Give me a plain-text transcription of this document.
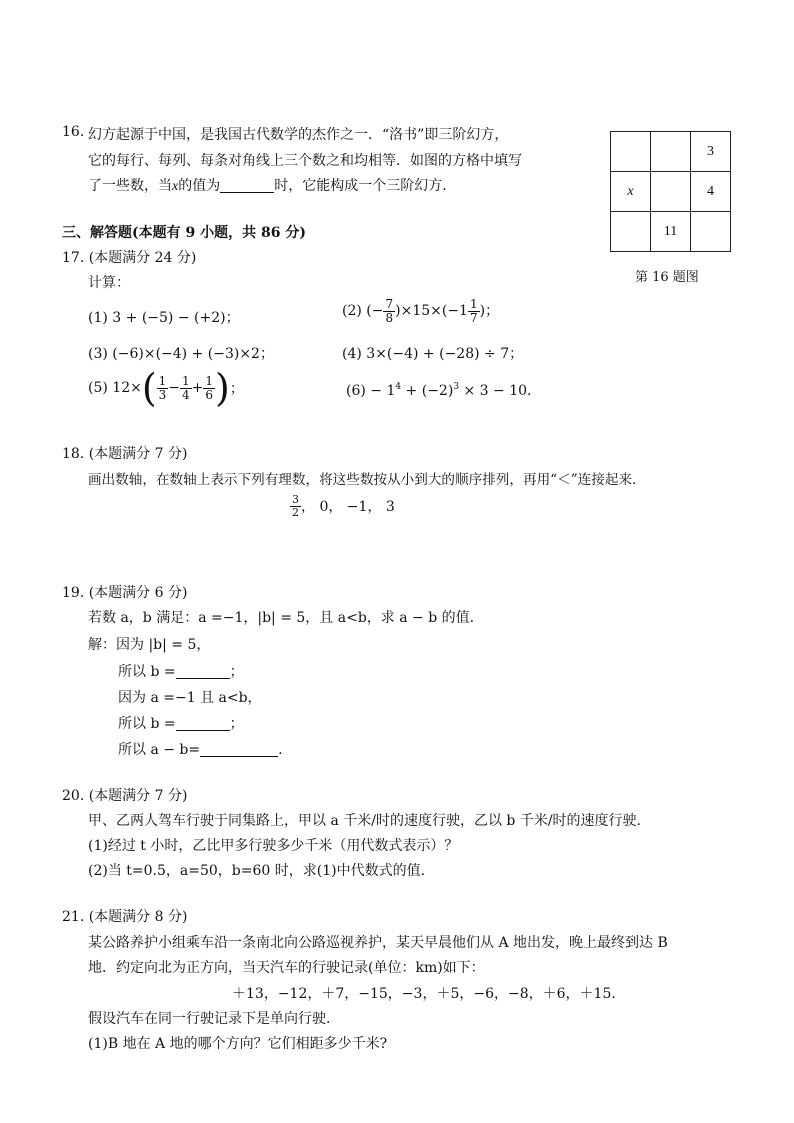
16. 幻方起源于中国，是我国古代数学的杰作之一．“洛书”即三阶幻方，
它的每行、每列、每条对角线上三个数之和均相等．如图的方格中填写
了一些数，当x的值为	时，它能构成一个三阶幻方．
		3
x		4
	11	
第 16 题图
三、解答题(本题有 9 小题，共 86 分)
17. (本题满分 24 分)
计算：
(1) 3 + (−5) − (+2)；	(2) (− $\frac{7}{8} )\times 15\times(-1 \frac{1}{7}$ )；
(3) (−6)×(−4) + (−3)×2；	(4) 3×(−4) + (−28) ÷ 7；
(5) $12\times( \frac{1}{3} - \frac{1}{4} + \frac{1}{6}$ )；	$(6) - 1^4 + (-2)^3 \times 3 - 10$.
18. (本题满分 7 分)
画出数轴，在数轴上表示下列有理数，将这些数按从小到大的顺序排列，再用“＜”连接起来.
$\frac{3}{2}$ ， 0， −1， 3
19. (本题满分 6 分)
若数 a，b 满足：a =−1，|b| = 5，且 a<b，求 a − b 的值.
解：因为 |b| = 5，
所以 b =	；
因为 a =−1 且 a<b，
所以 b =	；
所以 a − b=	.
20. (本题满分 7 分)
甲、乙两人驾车行驶于同集路上，甲以 a 千米/时的速度行驶，乙以 b 千米/时的速度行驶.
(1)经过 t 小时，乙比甲多行驶多少千米（用代数式表示）？
(2)当 t=0.5，a=50，b=60 时，求(1)中代数式的值.
21. (本题满分 8 分)
某公路养护小组乘车沿一条南北向公路巡视养护，某天早晨他们从 A 地出发，晚上最终到达 B
地．约定向北为正方向，当天汽车的行驶记录(单位：km)如下：
＋13，−12，＋7，−15，−3，＋5，−6，−8，＋6，＋15.
假设汽车在同一行驶记录下是单向行驶.
(1)B 地在 A 地的哪个方向？它们相距多少千米?
